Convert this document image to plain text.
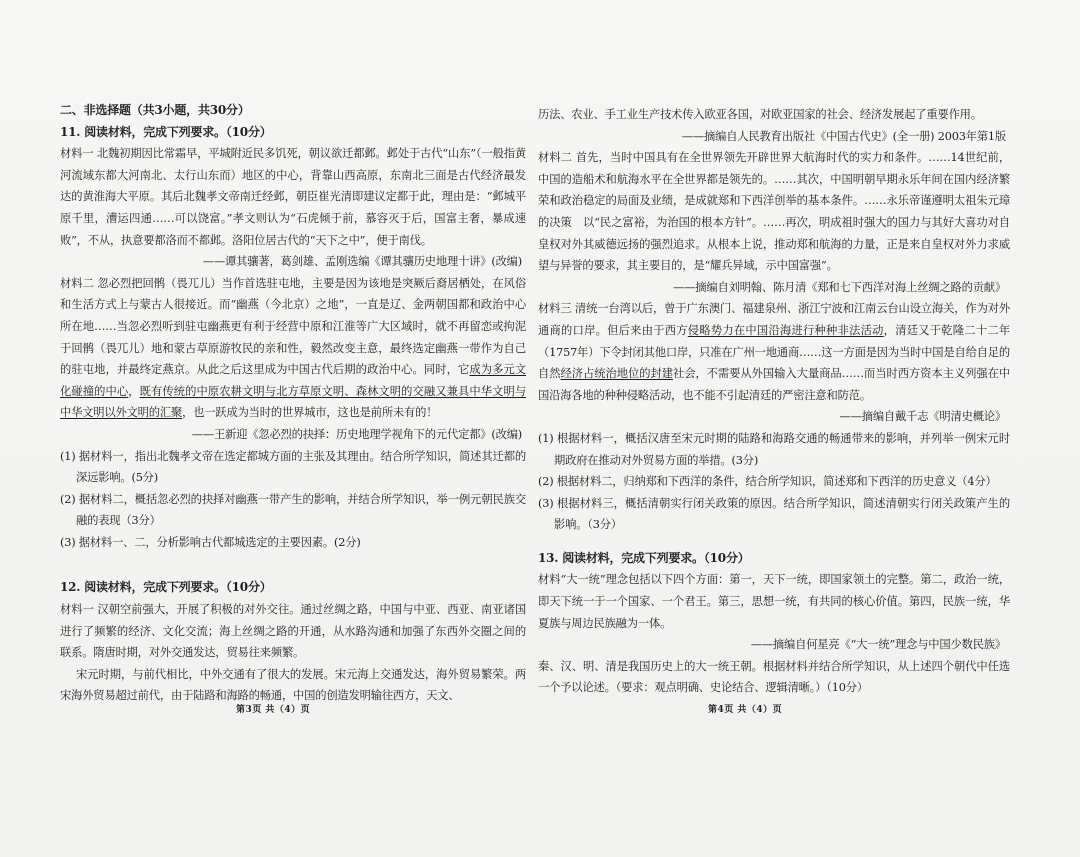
二、非选择题（共3小题，共30分）

11. 阅读材料，完成下列要求。（10分）

材料一 北魏初期因比常霜早，平城附近民多饥死，朝议欲迁都邺。邺处于古代“山东”（一般指黄河流域东都大河南北、太行山东而）地区的中心，背靠山西高原，东南北三面是古代经济最发达的黄淮海大平原。其后北魏孝文帝南迁经邺，朝臣崔光清即建议定都于此，理由是：“邺城平原千里，漕运四通……可以饶富。”孝文则认为“石虎倾于前，慕容灭于后，国富主奢，暴成速败”，不从，执意要都洛而不都邺。洛阳位居古代的“天下之中”，便于南伐。

——谭其骧著，葛剑雄、孟刚选编《谭其骧历史地理十讲》(改编)

材料二 忽必烈把回鹘（畏兀儿）当作首选驻屯地，主要是因为该地是突厥后裔居栖处，在风俗和生活方式上与蒙古人很接近。而“幽燕（今北京）之地”，一直是辽、金两朝国都和政治中心所在地……当忽必烈听到驻屯幽燕更有利于经营中原和江淮等广大区域时，就不再留恋或拘泥于回鹘（畏兀儿）地和蒙古草原游牧民的亲和性，毅然改变主意，最终选定幽燕一带作为自己的驻屯地，并最终定燕京。从此之后这里成为中国古代后期的政治中心。同时，它成为多元文化碰撞的中心，既有传统的中原农耕文明与北方草原文明、森林文明的交融又兼具中华文明与中华文明以外文明的汇聚，也一跃成为当时的世界城市，这也是前所未有的！

——王新迎《忽必烈的抉择：历史地理学视角下的元代定都》(改编)

(1) 据材料一，指出北魏孝文帝在选定都城方面的主张及其理由。结合所学知识，简述其迁都的深远影响。(5分)

(2) 据材料二，概括忽必烈的抉择对幽燕一带产生的影响，并结合所学知识，举一例元朝民族交融的表现（3分）

(3) 据材料一、二，分析影响古代都城选定的主要因素。(2分)

12. 阅读材料，完成下列要求。（10分）

材料一 汉朝空前强大，开展了积极的对外交往。通过丝绸之路，中国与中亚、西亚、南亚诸国进行了频繁的经济、文化交流；海上丝绸之路的开通，从水路沟通和加强了东西外交圈之间的联系。隋唐时期，对外交通发达，贸易往来频繁。

宋元时期，与前代相比，中外交通有了很大的发展。宋元海上交通发达，海外贸易繁荣。两宋海外贸易超过前代，由于陆路和海路的畅通，中国的创造发明输往西方，天文、

历法、农业、手工业生产技术传入欧亚各国，对欧亚国家的社会、经济发展起了重要作用。

——摘编自人民教育出版社《中国古代史》(全一册) 2003年第1版

材料二 首先，当时中国具有在全世界领先开辟世界大航海时代的实力和条件。……14世纪前，中国的造船术和航海水平在全世界都是领先的。……其次，中国明朝早期永乐年间在国内经济繁荣和政治稳定的局面及业绩，是成就郑和下西洋创举的基本条件。……永乐帝谨遵明太祖朱元璋的决策　以“民之富裕，为治国的根本方针”。……再次，明成祖时强大的国力与其好大喜功对自皇权对外其威德远扬的强烈追求。从根本上说，推动郑和航海的力量，正是来自皇权对外力求威望与异誉的要求，其主要目的，是“耀兵异域，示中国富强”。

——摘编自刘明翰、陈月清《郑和七下西洋对海上丝绸之路的贡献》

材料三 清统一台湾以后，曾于广东澳门、福建泉州、浙江宁波和江南云台山设立海关，作为对外通商的口岸。但后来由于西方侵略势力在中国沿海进行种种非法活动，清廷又于乾隆二十二年（1757年）下令封闭其他口岸，只准在广州一地通商……这一方面是因为当时中国是自给自足的自然经济占统治地位的封建社会，不需要从外国输入大量商品……而当时西方资本主义列强在中国沿海各地的种种侵略活动，也不能不引起清廷的严密注意和防范。

——摘编自戴千志《明清史概论》

(1) 根据材料一，概括汉唐至宋元时期的陆路和海路交通的畅通带来的影响，并列举一例宋元时期政府在推动对外贸易方面的举措。(3分)

(2) 根据材料二，归纳郑和下西洋的条件，结合所学知识，简述郑和下西洋的历史意义（4分）

(3) 根据材料三，概括清朝实行闭关政策的原因。结合所学知识，简述清朝实行闭关政策产生的影响。（3分）

13. 阅读材料，完成下列要求。（10分）

材料“大一统”理念包括以下四个方面：第一，天下一统，即国家领土的完整。第二，政治一统，即天下统一于一个国家、一个君王。第三，思想一统，有共同的核心价值。第四，民族一统，华夏族与周边民族融为一体。

——摘编自何星亮《“大一统”理念与中国少数民族》

秦、汉、明、清是我国历史上的大一统王朝。根据材料并结合所学知识，从上述四个朝代中任选一个予以论述。（要求：观点明确、史论结合、逻辑清晰。）（10分）

第3页 共（4）页	第4页 共（4）页
